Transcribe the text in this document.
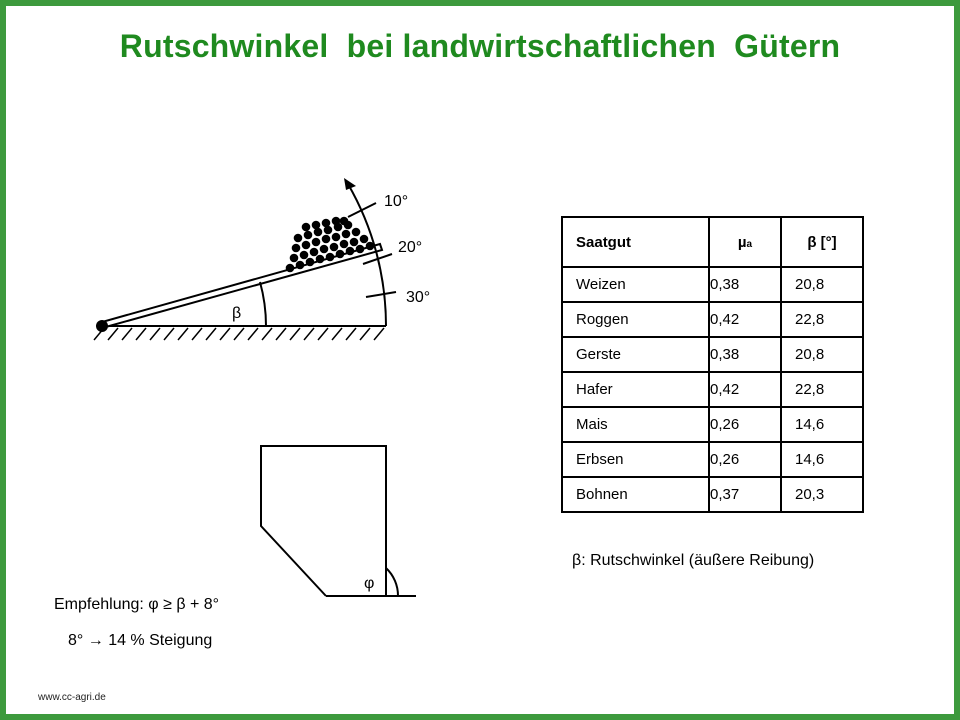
Rutschwinkel  bei landwirtschaftlichen  Gütern
30°
20°
10°
β
φ
Saatgut	µa	β [°]
Weizen	0,38	20,8
Roggen	0,42	22,8
Gerste	0,38	20,8
Hafer	0,42	22,8
Mais	0,26	14,6
Erbsen	0,26	14,6
Bohnen	0,37	20,3
β: Rutschwinkel (äußere Reibung)
Empfehlung: φ ≥ β + 8°
8° → 14 % Steigung
www.cc-agri.de
